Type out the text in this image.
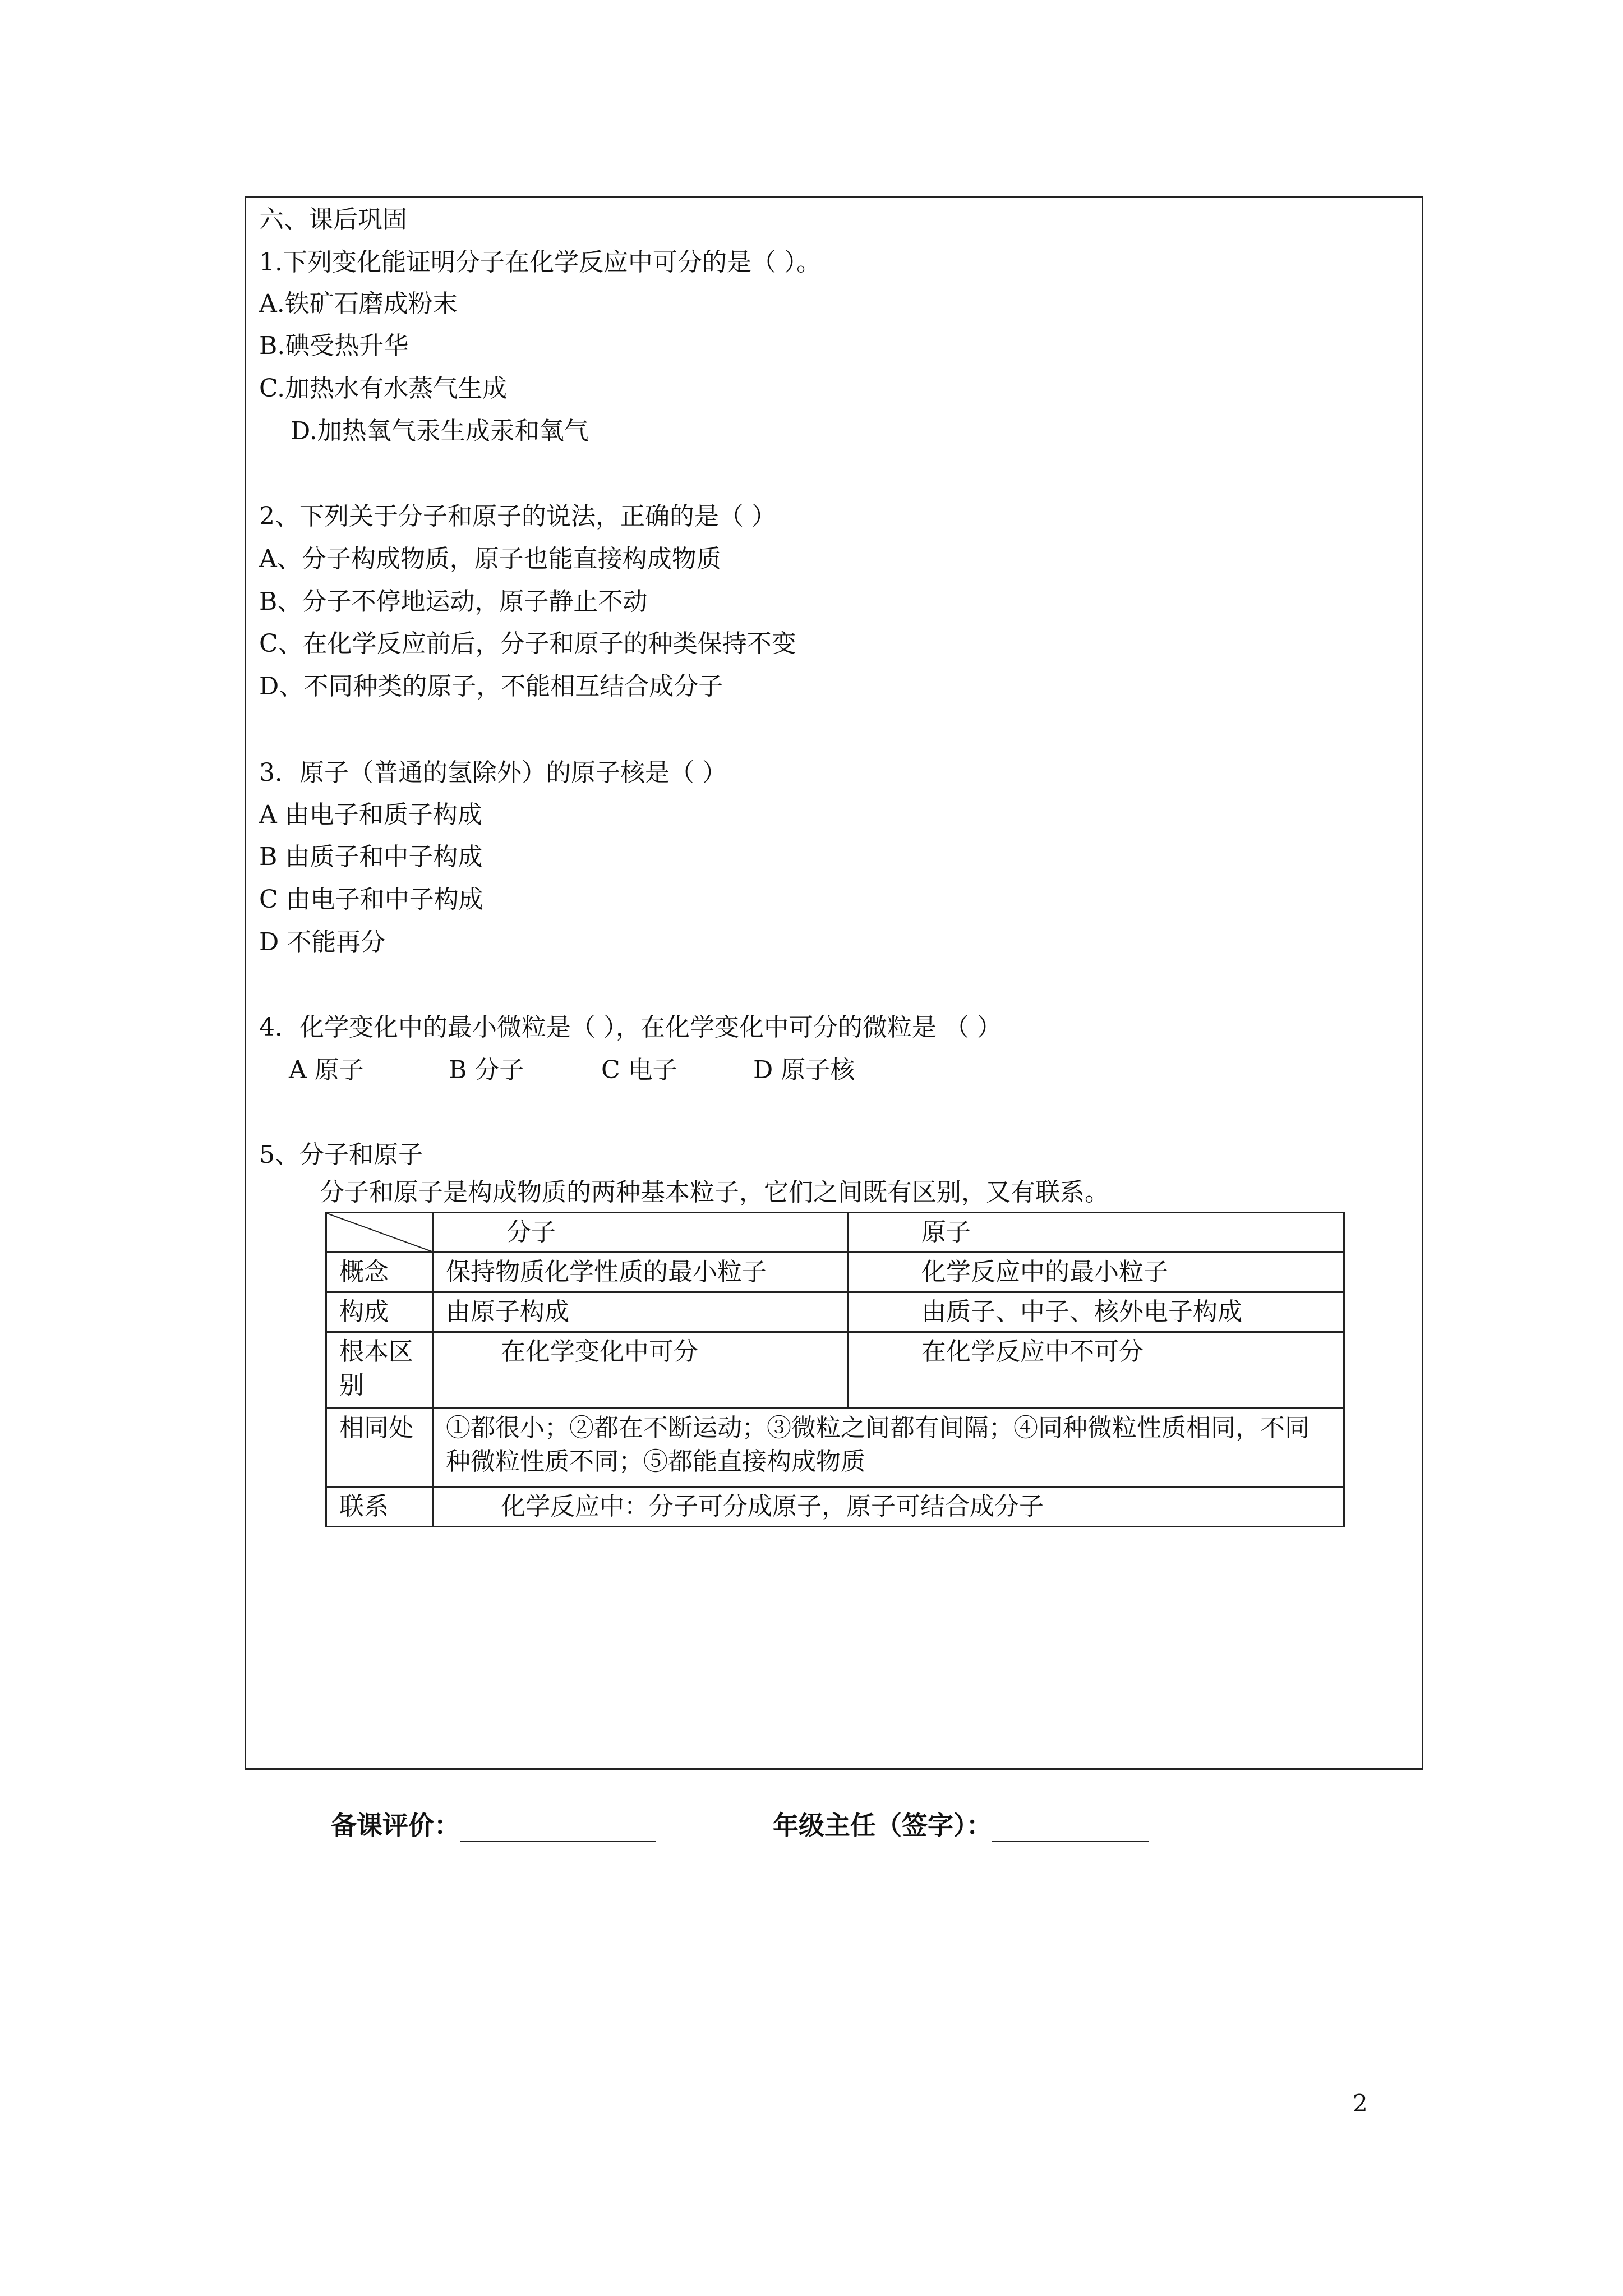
六、课后巩固
1.下列变化能证明分子在化学反应中可分的是（ ）。
A.铁矿石磨成粉末
B.碘受热升华
C.加热水有水蒸气生成
D.加热氧气汞生成汞和氧气
2、下列关于分子和原子的说法，正确的是（ ）
A、分子构成物质，原子也能直接构成物质
B、分子不停地运动，原子静止不动
C、在化学反应前后，分子和原子的种类保持不变
D、不同种类的原子，不能相互结合成分子
3．原子（普通的氢除外）的原子核是（ ）
A 由电子和质子构成
B 由质子和中子构成
C 由电子和中子构成
D 不能再分
4．化学变化中的最小微粒是（ ），在化学变化中可分的微粒是 （ ）
A 原子	B 分子	C 电子	D 原子核
5、分子和原子
分子和原子是构成物质的两种基本粒子，它们之间既有区别，又有联系。
	分子	原子
概念	保持物质化学性质的最小粒子	化学反应中的最小粒子
构成	由原子构成	由质子、中子、核外电子构成
根本区别	在化学变化中可分	在化学反应中不可分
相同处	①都很小；②都在不断运动；③微粒之间都有间隔；④同种微粒性质相同，不同种微粒性质不同；⑤都能直接构成物质	
联系	化学反应中：分子可分成原子，原子可结合成分子	
备课评价：	年级主任（签字）：
2
